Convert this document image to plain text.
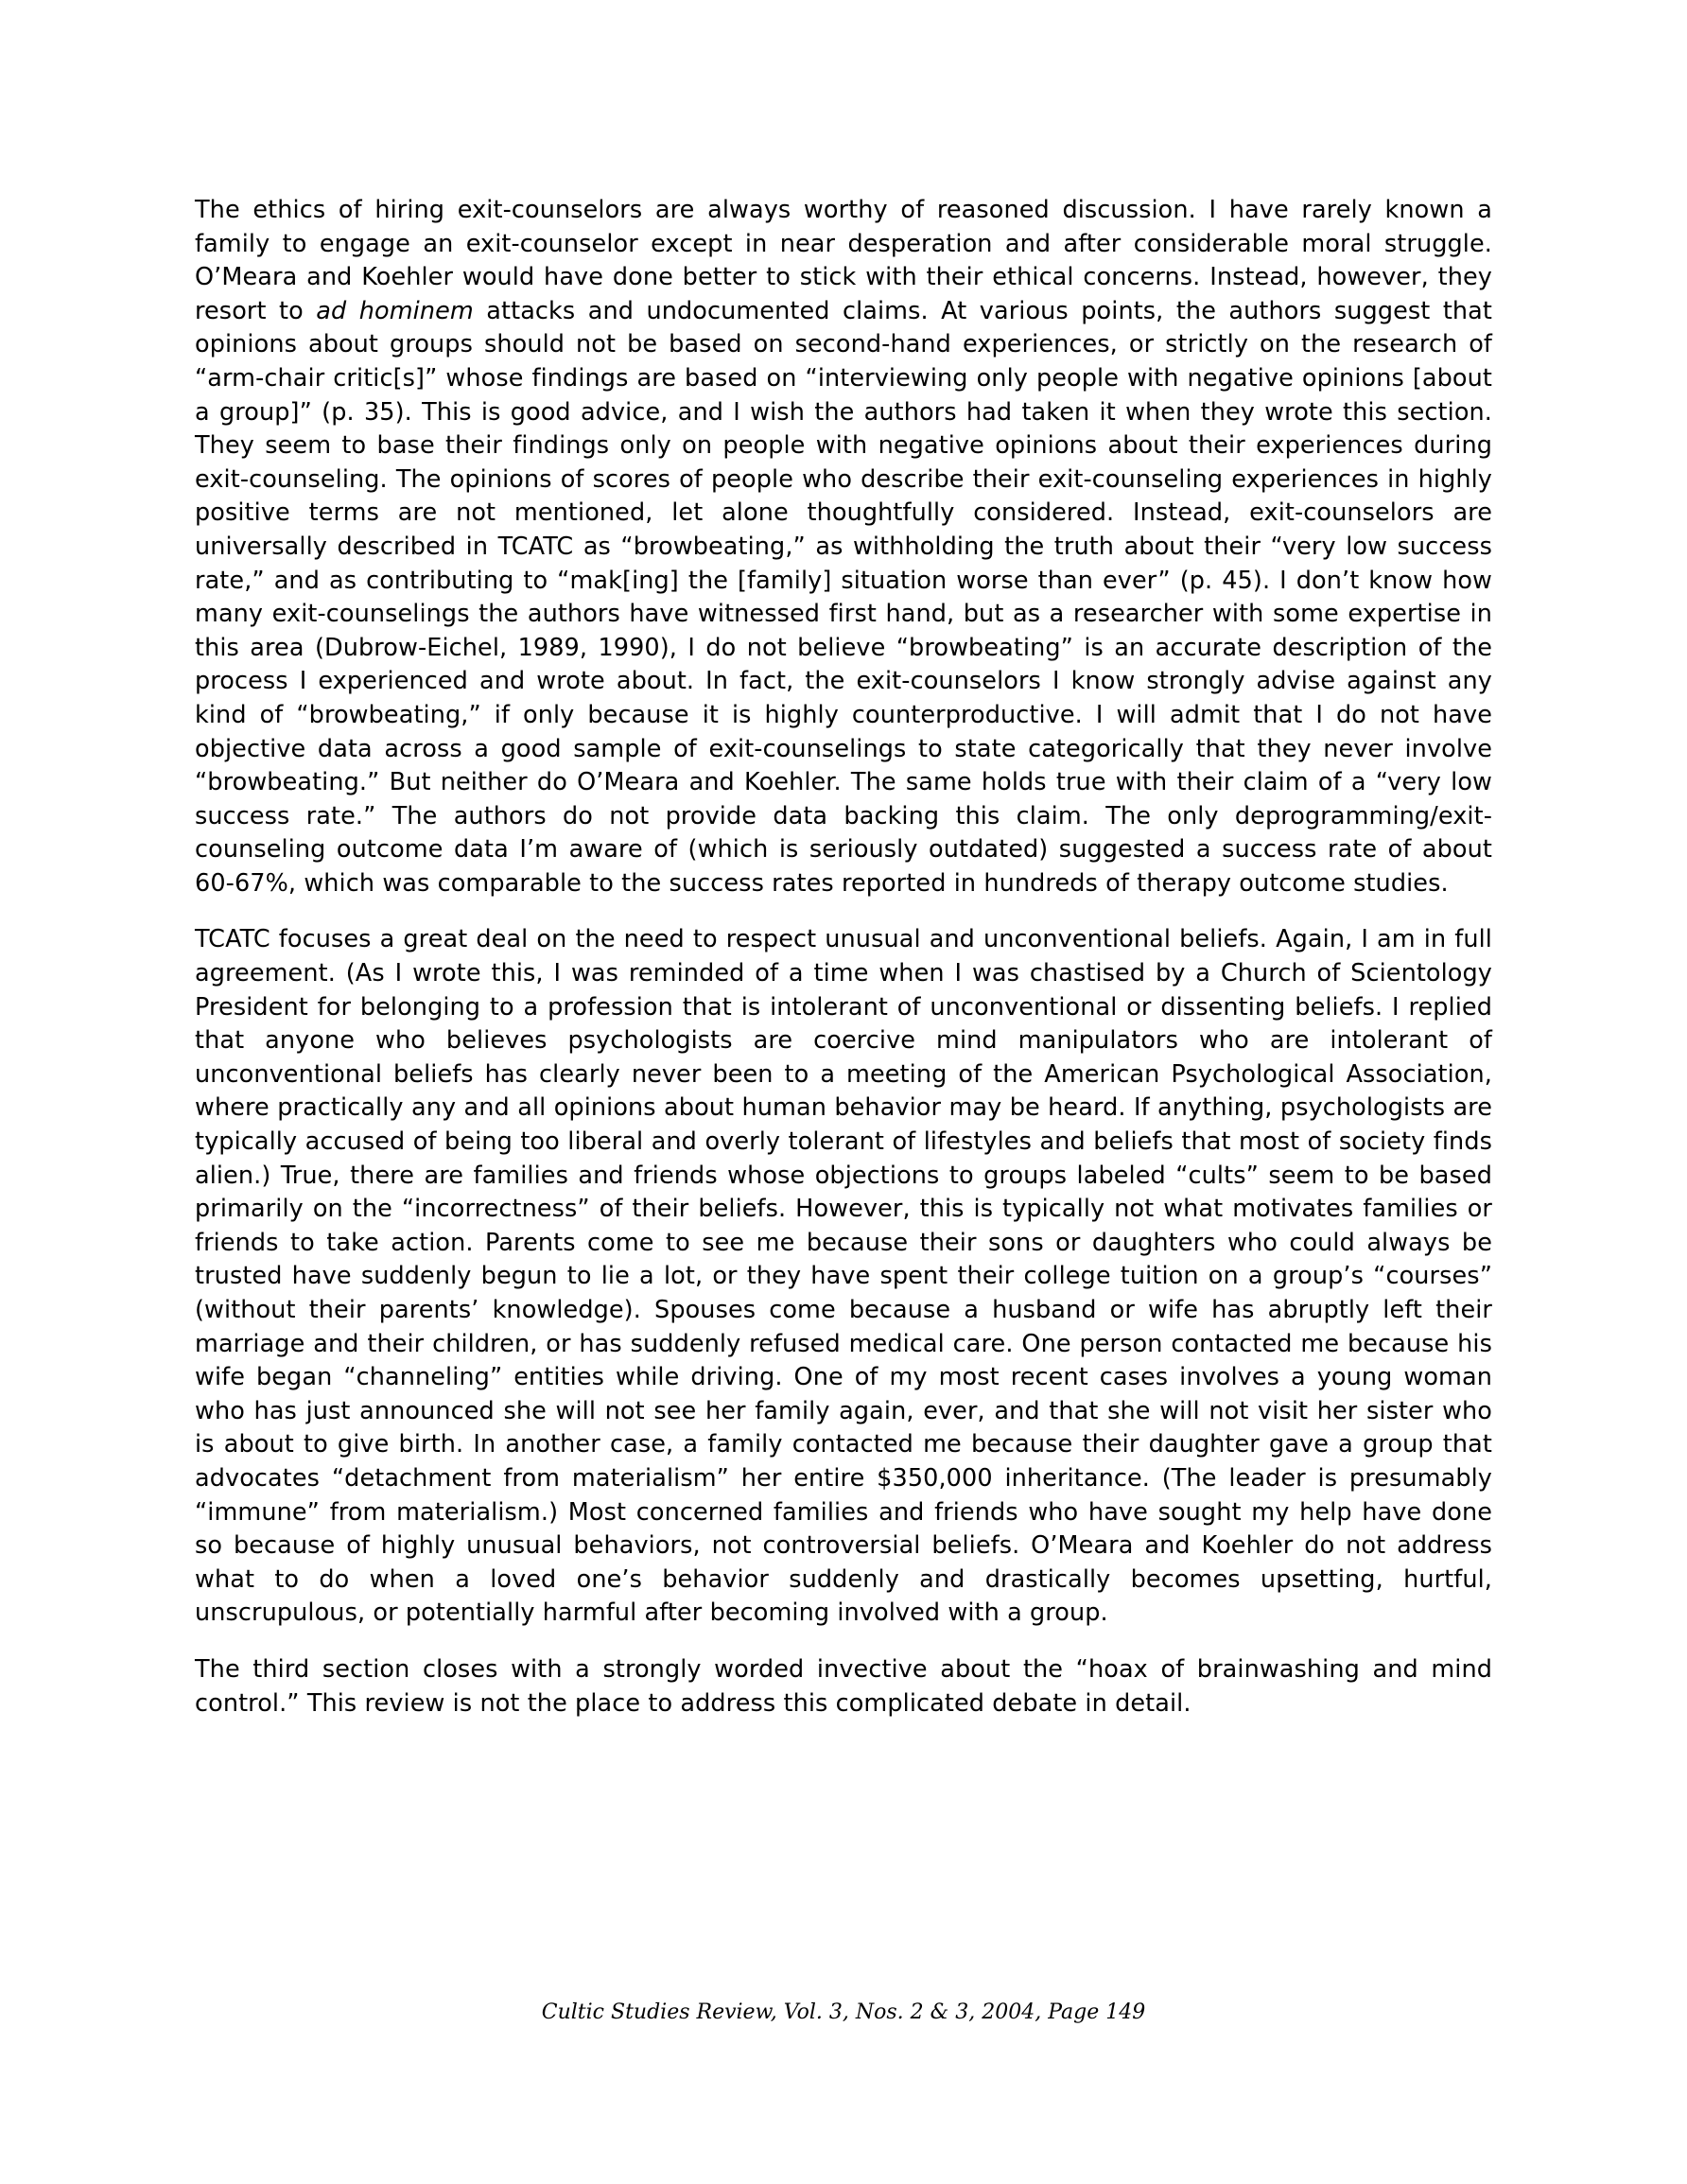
The ethics of hiring exit-counselors are always worthy of reasoned discussion. I have rarely known a family to engage an exit-counselor except in near desperation and after considerable moral struggle. O’Meara and Koehler would have done better to stick with their ethical concerns. Instead, however, they resort to ad hominem attacks and undocumented claims. At various points, the authors suggest that opinions about groups should not be based on second-hand experiences, or strictly on the research of “arm-chair critic[s]” whose findings are based on “interviewing only people with negative opinions [about a group]” (p. 35). This is good advice, and I wish the authors had taken it when they wrote this section. They seem to base their findings only on people with negative opinions about their experiences during exit-counseling. The opinions of scores of people who describe their exit-counseling experiences in highly positive terms are not mentioned, let alone thoughtfully considered. Instead, exit-counselors are universally described in TCATC as “browbeating,” as withholding the truth about their “very low success rate,” and as contributing to “mak[ing] the [family] situation worse than ever” (p. 45). I don’t know how many exit-counselings the authors have witnessed first hand, but as a researcher with some expertise in this area (Dubrow-Eichel, 1989, 1990), I do not believe “browbeating” is an accurate description of the process I experienced and wrote about. In fact, the exit-counselors I know strongly advise against any kind of “browbeating,” if only because it is highly counterproductive. I will admit that I do not have objective data across a good sample of exit-counselings to state categorically that they never involve “browbeating.” But neither do O’Meara and Koehler. The same holds true with their claim of a “very low success rate.” The authors do not provide data backing this claim. The only deprogramming/exit-counseling outcome data I’m aware of (which is seriously outdated) suggested a success rate of about 60-67%, which was comparable to the success rates reported in hundreds of therapy outcome studies.

TCATC focuses a great deal on the need to respect unusual and unconventional beliefs. Again, I am in full agreement. (As I wrote this, I was reminded of a time when I was chastised by a Church of Scientology President for belonging to a profession that is intolerant of unconventional or dissenting beliefs. I replied that anyone who believes psychologists are coercive mind manipulators who are intolerant of unconventional beliefs has clearly never been to a meeting of the American Psychological Association, where practically any and all opinions about human behavior may be heard. If anything, psychologists are typically accused of being too liberal and overly tolerant of lifestyles and beliefs that most of society finds alien.) True, there are families and friends whose objections to groups labeled “cults” seem to be based primarily on the “incorrectness” of their beliefs. However, this is typically not what motivates families or friends to take action. Parents come to see me because their sons or daughters who could always be trusted have suddenly begun to lie a lot, or they have spent their college tuition on a group’s “courses” (without their parents’ knowledge). Spouses come because a husband or wife has abruptly left their marriage and their children, or has suddenly refused medical care. One person contacted me because his wife began “channeling” entities while driving. One of my most recent cases involves a young woman who has just announced she will not see her family again, ever, and that she will not visit her sister who is about to give birth. In another case, a family contacted me because their daughter gave a group that advocates “detachment from materialism” her entire $350,000 inheritance. (The leader is presumably “immune” from materialism.) Most concerned families and friends who have sought my help have done so because of highly unusual behaviors, not controversial beliefs. O’Meara and Koehler do not address what to do when a loved one’s behavior suddenly and drastically becomes upsetting, hurtful, unscrupulous, or potentially harmful after becoming involved with a group.

The third section closes with a strongly worded invective about the “hoax of brainwashing and mind control.” This review is not the place to address this complicated debate in detail.

Cultic Studies Review, Vol. 3, Nos. 2 & 3, 2004, Page 149
